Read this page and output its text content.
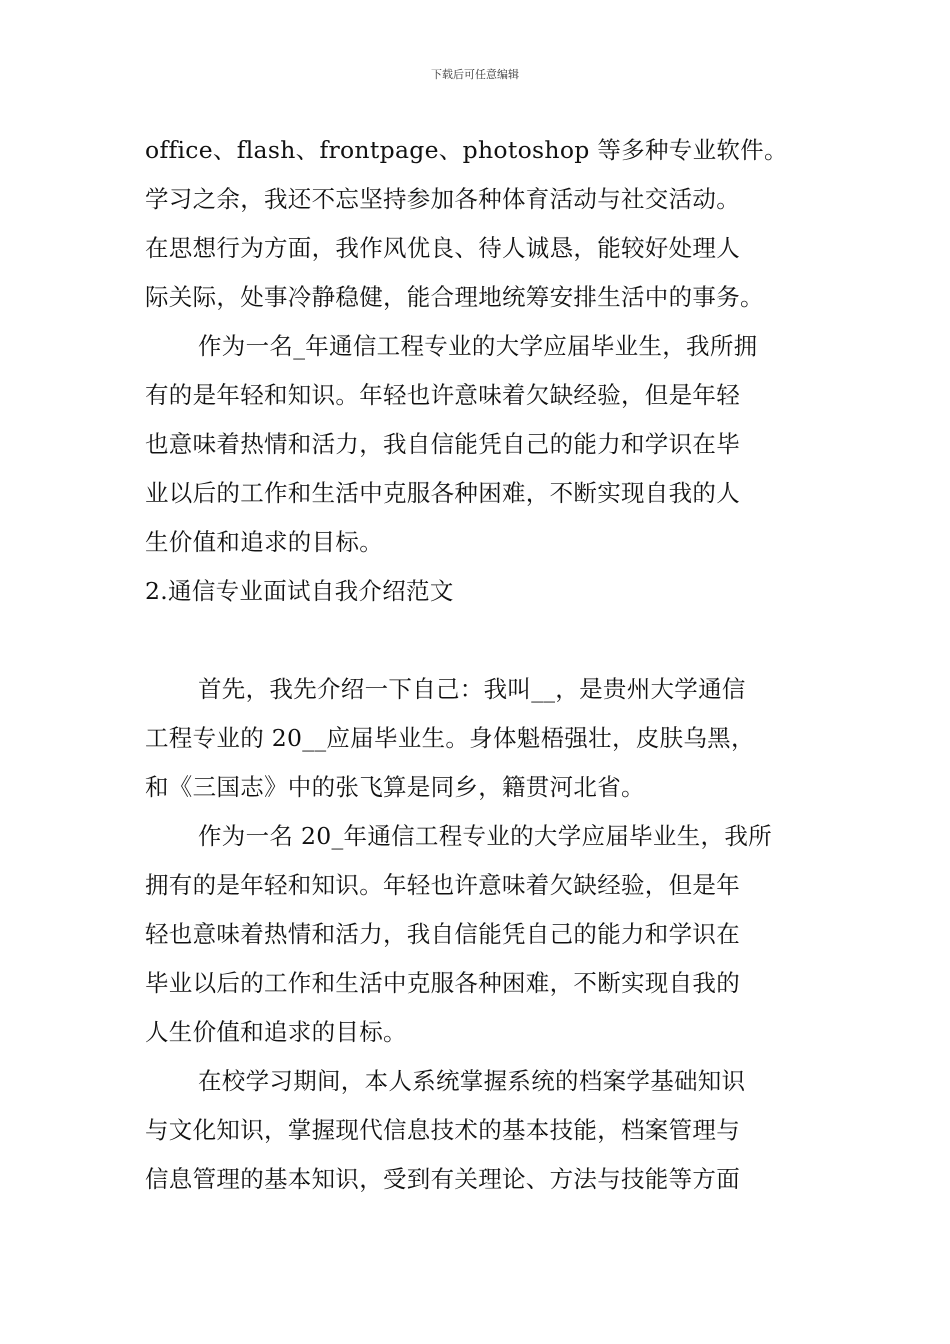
下载后可任意编辑
office、flash、frontpage、photoshop 等多种专业软件。
学习之余，我还不忘坚持参加各种体育活动与社交活动。
在思想行为方面，我作风优良、待人诚恳，能较好处理人
际关际，处事冷静稳健，能合理地统筹安排生活中的事务。
作为一名_年通信工程专业的大学应届毕业生，我所拥
有的是年轻和知识。年轻也许意味着欠缺经验，但是年轻
也意味着热情和活力，我自信能凭自己的能力和学识在毕
业以后的工作和生活中克服各种困难，不断实现自我的人
生价值和追求的目标。
2.通信专业面试自我介绍范文
首先，我先介绍一下自己：我叫__，是贵州大学通信
工程专业的 20__应届毕业生。身体魁梧强壮，皮肤乌黑，
和《三国志》中的张飞算是同乡，籍贯河北省。
作为一名 20_年通信工程专业的大学应届毕业生，我所
拥有的是年轻和知识。年轻也许意味着欠缺经验，但是年
轻也意味着热情和活力，我自信能凭自己的能力和学识在
毕业以后的工作和生活中克服各种困难，不断实现自我的
人生价值和追求的目标。
在校学习期间，本人系统掌握系统的档案学基础知识
与文化知识，掌握现代信息技术的基本技能，档案管理与
信息管理的基本知识，受到有关理论、方法与技能等方面
